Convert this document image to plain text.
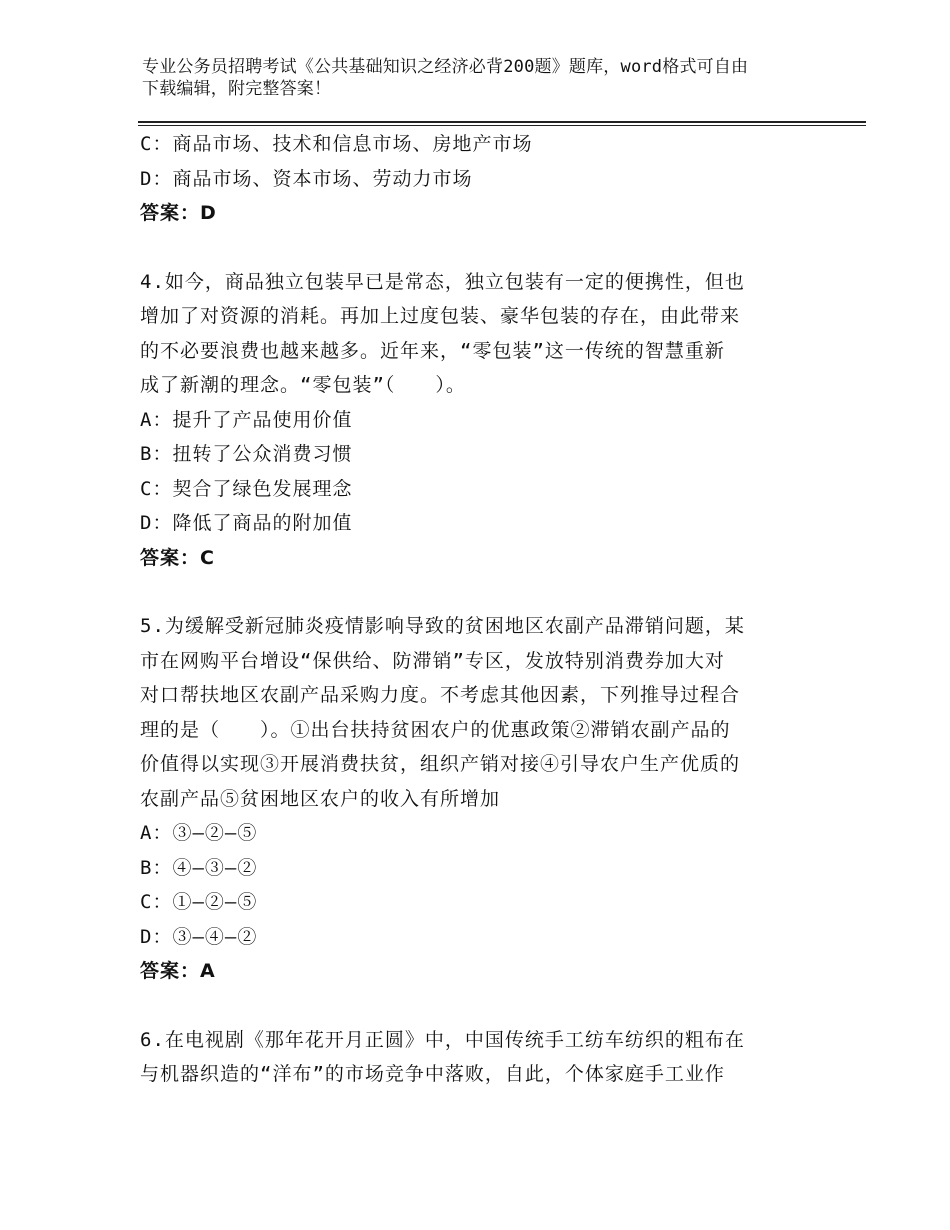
专业公务员招聘考试《公共基础知识之经济必背200题》题库，word格式可自由
下载编辑，附完整答案！
C：商品市场、技术和信息市场、房地产市场
D：商品市场、资本市场、劳动力市场
答案：D
4.如今，商品独立包装早已是常态，独立包装有一定的便携性，但也
增加了对资源的消耗。再加上过度包装、豪华包装的存在，由此带来
的不必要浪费也越来越多。近年来，“零包装”这一传统的智慧重新
成了新潮的理念。“零包装”（　　）。
A：提升了产品使用价值
B：扭转了公众消费习惯
C：契合了绿色发展理念
D：降低了商品的附加值
答案：C
5.为缓解受新冠肺炎疫情影响导致的贫困地区农副产品滞销问题，某
市在网购平台增设“保供给、防滞销”专区，发放特别消费券加大对
对口帮扶地区农副产品采购力度。不考虑其他因素，下列推导过程合
理的是（　　）。①出台扶持贫困农户的优惠政策②滞销农副产品的
价值得以实现③开展消费扶贫，组织产销对接④引导农户生产优质的
农副产品⑤贫困地区农户的收入有所增加
A：③—②—⑤
B：④—③—②
C：①—②—⑤
D：③—④—②
答案：A
6.在电视剧《那年花开月正圆》中，中国传统手工纺车纺织的粗布在
与机器织造的“洋布”的市场竞争中落败，自此，个体家庭手工业作
